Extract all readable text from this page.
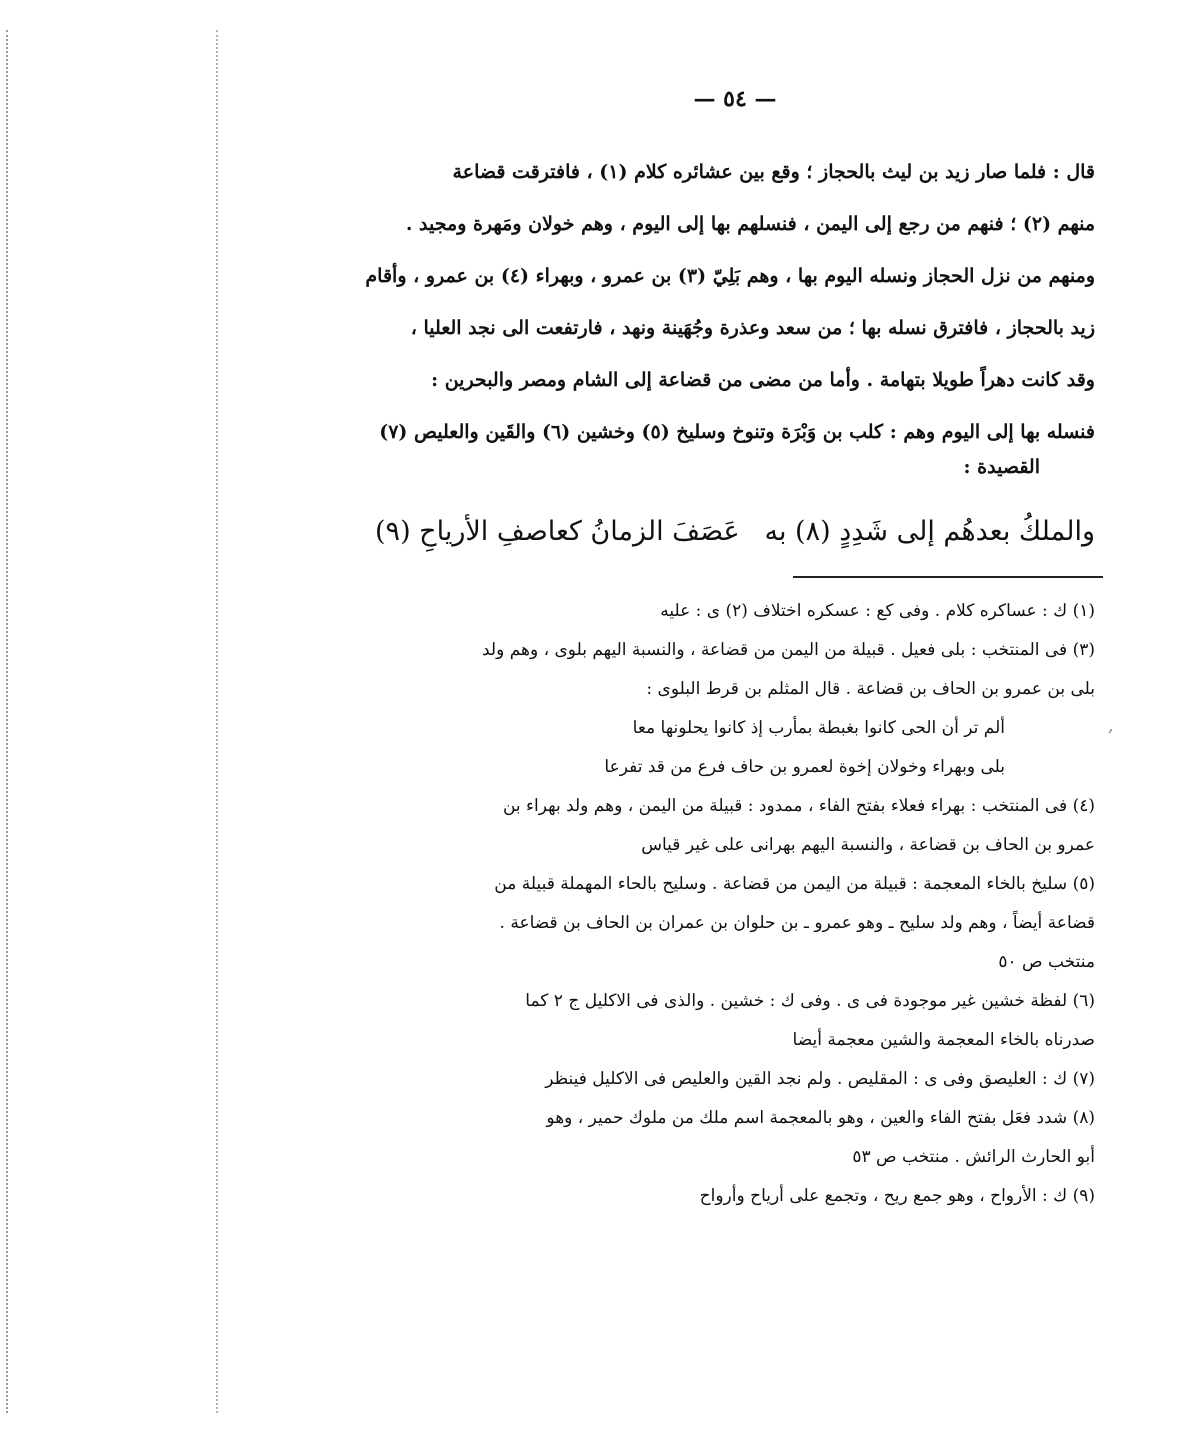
— ٥٤ —
قال : فلما صار زيد بن ليث بالحجاز ؛ وقع بين عشائره كلام (١) ، فافترقت قضاعة
منهم (٢) ؛ فنهم من رجع إلى اليمن ، فنسلهم بها إلى اليوم ، وهم خولان ومَهرة ومجيد .
ومنهم من نزل الحجاز ونسله اليوم بها ، وهم بَلِيّ (٣) بن عمرو ، وبهراء (٤) بن عمرو ، وأقام
زيد بالحجاز ، فافترق نسله بها ؛ من سعد وعذرة وجُهَينة ونهد ، فارتفعت الى نجد العليا ،
وقد كانت دهراً طويلا بتهامة . وأما من مضى من قضاعة إلى الشام ومصر والبحرين :
فنسله بها إلى اليوم وهم : كلب بن وَبْرَة وتنوخ وسليخ (٥) وخشين (٦) والقَين والعليص (٧)
القصيدة :
والملكُ بعدهُم إلى شَدِدٍ (٨) به
عَصَفَ الزمانُ كعاصفِ الأرياحِ (٩)
(١) ك : عساكره كلام . وفى كع : عسكره اختلاف (٢) ى : عليه
(٣) فى المنتخب : بلى فعيل . قبيلة من اليمن من قضاعة ، والنسبة اليهم بلوى ، وهم ولد
بلى بن عمرو بن الحاف بن قضاعة . قال المثلم بن قرط البلوى :
ألم تر أن الحى كانوا بغبطة بمأرب إذ كانوا يحلونها معا
بلى وبهراء وخولان إخوة لعمرو بن حاف فرع من قد تفرعا
(٤) فى المنتخب : بهراء فعلاء بفتح الفاء ، ممدود : قبيلة من اليمن ، وهم ولد بهراء بن
عمرو بن الحاف بن قضاعة ، والنسبة اليهم بهرانى على غير قياس
(٥) سليخ بالخاء المعجمة : قبيلة من اليمن من قضاعة . وسليح بالحاء المهملة قبيلة من
قضاعة أيضاً ، وهم ولد سليح ـ وهو عمرو ـ بن حلوان بن عمران بن الحاف بن قضاعة .
منتخب ص ٥٠
(٦) لفظة خشين غير موجودة فى ى . وفى ك : خشين . والذى فى الاكليل ج ٢ كما
صدرناه بالخاء المعجمة والشين معجمة أيضا
(٧) ك : العليصق وفى ى : المقليص . ولم نجد القين والعليص فى الاكليل فينظر
(٨) شدد فعَل بفتح الفاء والعين ، وهو بالمعجمة اسم ملك من ملوك حمير ، وهو
أبو الحارث الرائش . منتخب ص ٥٣
(٩) ك : الأرواح ، وهو جمع ريح ، وتجمع على أرياح وأرواح
,
